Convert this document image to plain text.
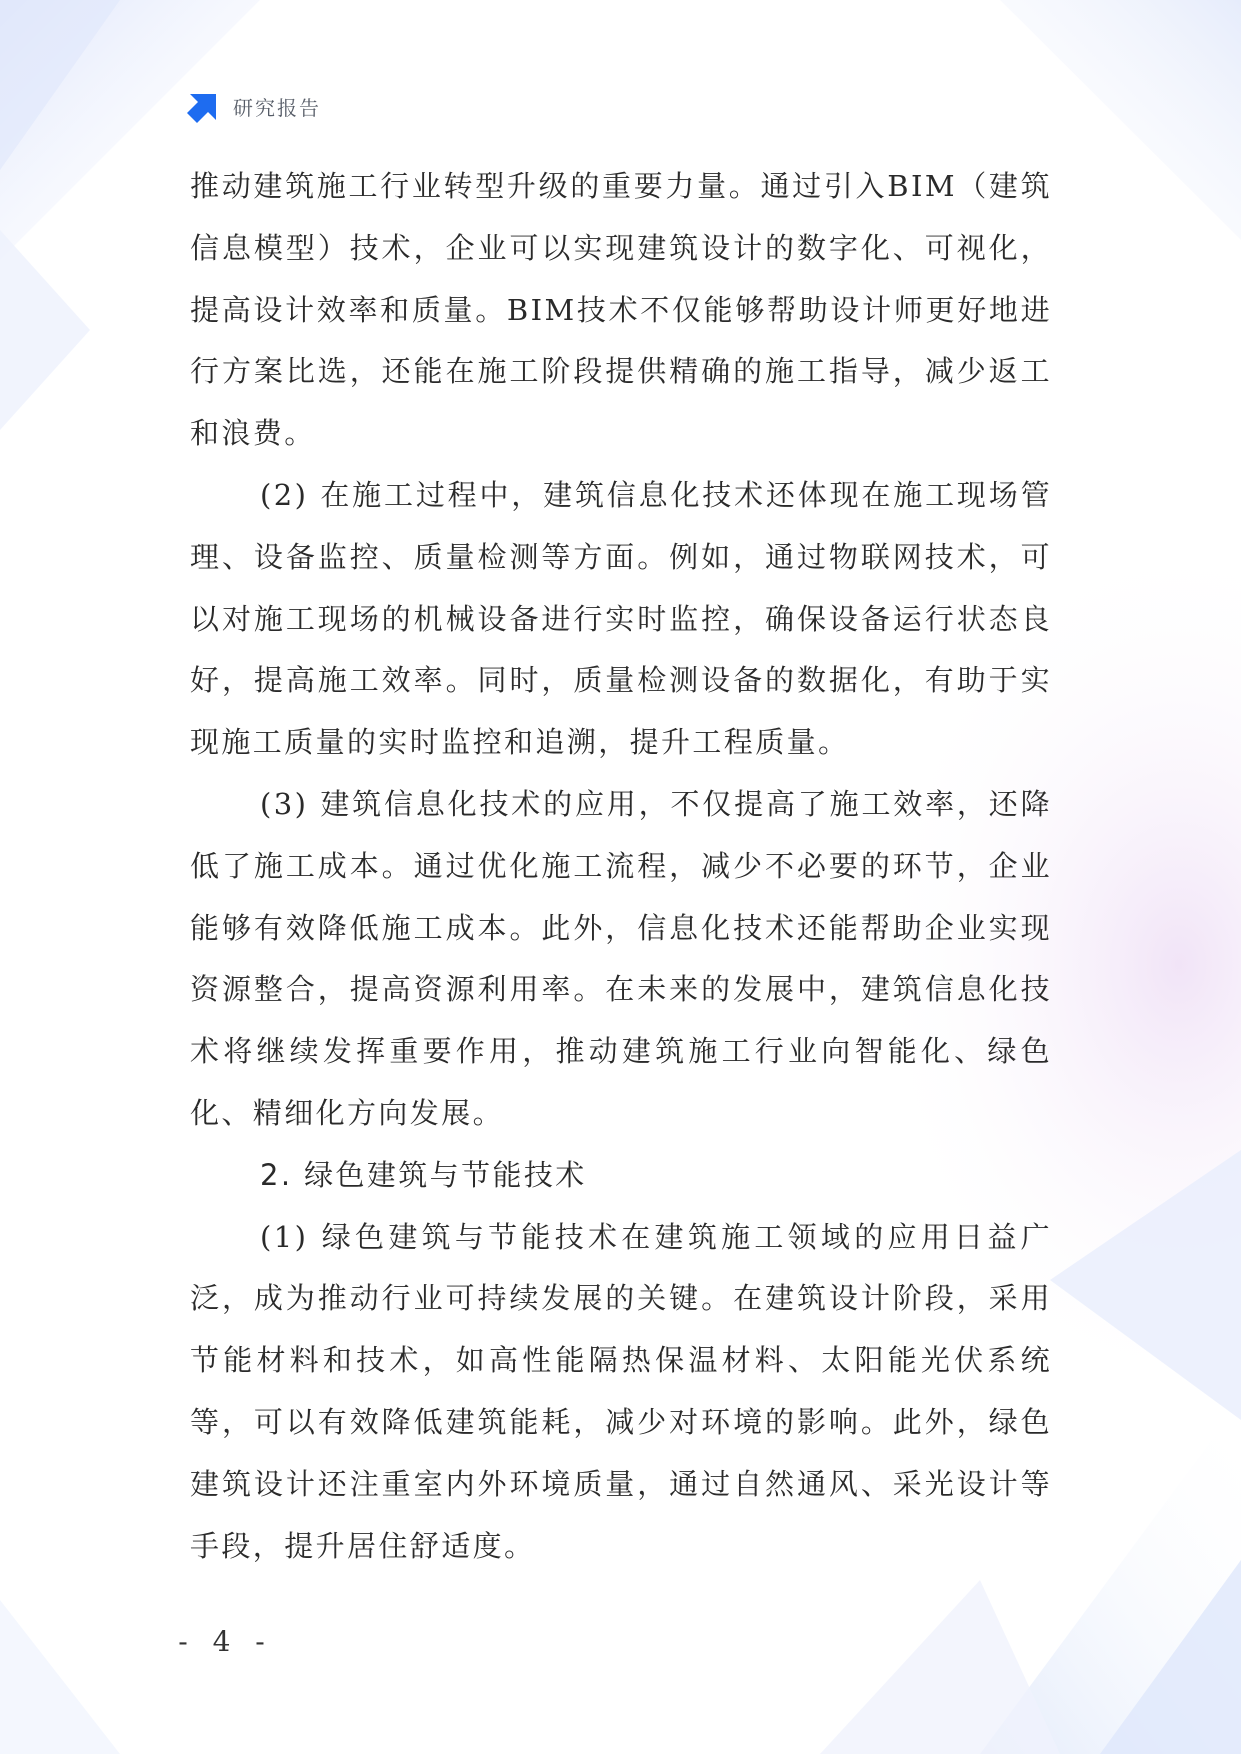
研究报告

推动建筑施工行业转型升级的重要力量。通过引入BIM（建筑信息模型）技术，企业可以实现建筑设计的数字化、可视化，提高设计效率和质量。BIM技术不仅能够帮助设计师更好地进行方案比选，还能在施工阶段提供精确的施工指导，减少返工和浪费。

(2) 在施工过程中，建筑信息化技术还体现在施工现场管理、设备监控、质量检测等方面。例如，通过物联网技术，可以对施工现场的机械设备进行实时监控，确保设备运行状态良好，提高施工效率。同时，质量检测设备的数据化，有助于实现施工质量的实时监控和追溯，提升工程质量。

(3) 建筑信息化技术的应用，不仅提高了施工效率，还降低了施工成本。通过优化施工流程，减少不必要的环节，企业能够有效降低施工成本。此外，信息化技术还能帮助企业实现资源整合，提高资源利用率。在未来的发展中，建筑信息化技术将继续发挥重要作用，推动建筑施工行业向智能化、绿色化、精细化方向发展。

2. 绿色建筑与节能技术

(1) 绿色建筑与节能技术在建筑施工领域的应用日益广泛，成为推动行业可持续发展的关键。在建筑设计阶段，采用节能材料和技术，如高性能隔热保温材料、太阳能光伏系统等，可以有效降低建筑能耗，减少对环境的影响。此外，绿色建筑设计还注重室内外环境质量，通过自然通风、采光设计等手段，提升居住舒适度。

- 4 -
